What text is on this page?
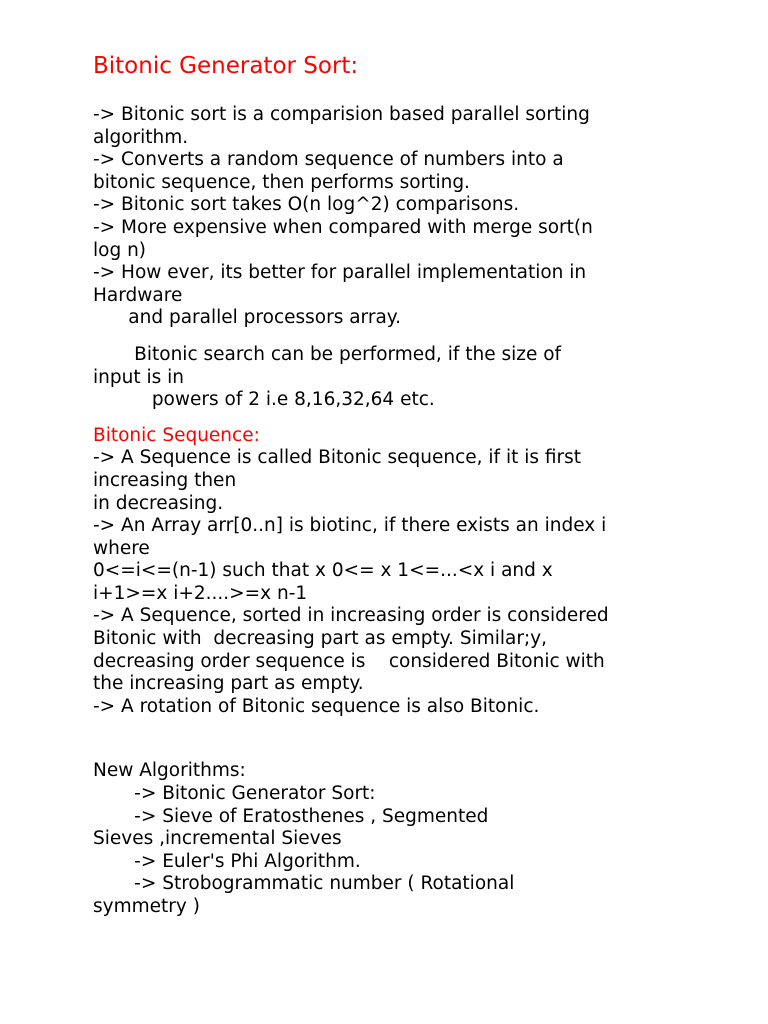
Bitonic Generator Sort:
-> Bitonic sort is a comparision based parallel sorting
algorithm.
-> Converts a random sequence of numbers into a
bitonic sequence, then performs sorting.
-> Bitonic sort takes O(n log^2) comparisons.
-> More expensive when compared with merge sort(n
log n)
-> How ever, its better for parallel implementation in
Hardware
and parallel processors array.
Bitonic search can be performed, if the size of
input is in
powers of 2 i.e 8,16,32,64 etc.
Bitonic Sequence:
-> A Sequence is called Bitonic sequence, if it is first
increasing then
in decreasing.
-> An Array arr[0..n] is biotinc, if there exists an index i
where
0<=i<=(n-1) such that x 0<= x 1<=...<x i and x
i+1>=x i+2....>=x n-1
-> A Sequence, sorted in increasing order is considered
Bitonic with  decreasing part as empty. Similar;y,
decreasing order sequence is    considered Bitonic with
the increasing part as empty.
-> A rotation of Bitonic sequence is also Bitonic.
New Algorithms:
-> Bitonic Generator Sort:
-> Sieve of Eratosthenes , Segmented
Sieves ,incremental Sieves
-> Euler's Phi Algorithm.
-> Strobogrammatic number ( Rotational
symmetry )
